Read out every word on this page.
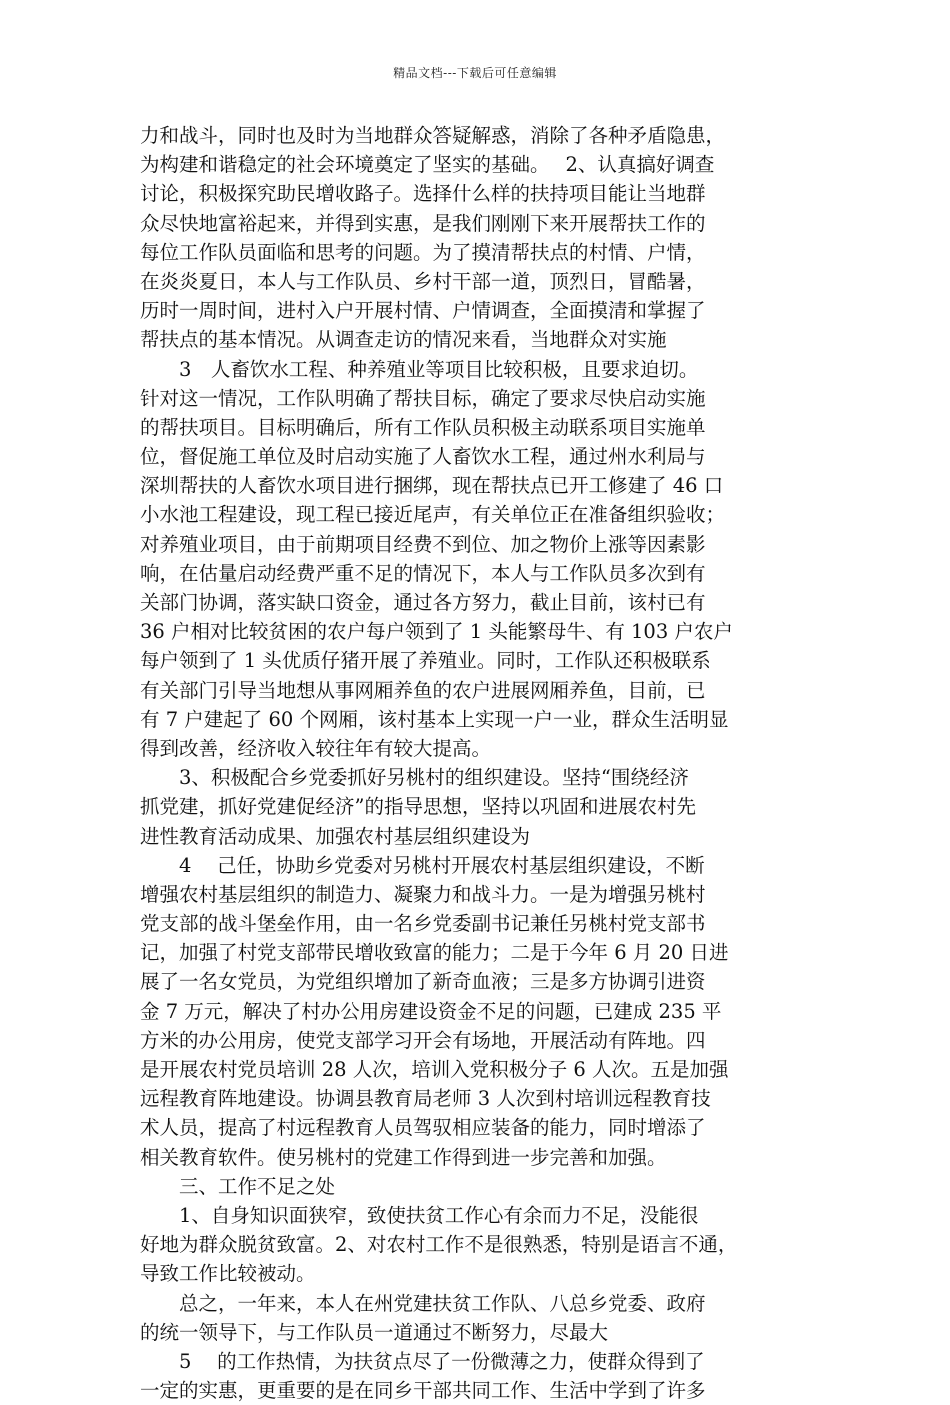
精品文档---下载后可任意编辑
力和战斗，同时也及时为当地群众答疑解惑，消除了各种矛盾隐患，
为构建和谐稳定的社会环境奠定了坚实的基础。　 2、认真搞好调查
讨论，积极探究助民增收路子。选择什么样的扶持项目能让当地群
众尽快地富裕起来，并得到实惠，是我们刚刚下来开展帮扶工作的
每位工作队员面临和思考的问题。为了摸清帮扶点的村情、户情，
在炎炎夏日，本人与工作队员、乡村干部一道，顶烈日，冒酷暑，
历时一周时间，进村入户开展村情、户情调查，全面摸清和掌握了
帮扶点的基本情况。从调查走访的情况来看，当地群众对实施
　　3　人畜饮水工程、种养殖业等项目比较积极，且要求迫切。
针对这一情况，工作队明确了帮扶目标，确定了要求尽快启动实施
的帮扶项目。目标明确后，所有工作队员积极主动联系项目实施单
位，督促施工单位及时启动实施了人畜饮水工程，通过州水利局与
深圳帮扶的人畜饮水项目进行捆绑，现在帮扶点已开工修建了 46 口
小水池工程建设，现工程已接近尾声，有关单位正在准备组织验收；
对养殖业项目，由于前期项目经费不到位、加之物价上涨等因素影
响，在估量启动经费严重不足的情况下，本人与工作队员多次到有
关部门协调，落实缺口资金，通过各方努力，截止目前，该村已有
36 户相对比较贫困的农户每户领到了 1 头能繁母牛、有 103 户农户
每户领到了 1 头优质仔猪开展了养殖业。同时，工作队还积极联系
有关部门引导当地想从事网厢养鱼的农户进展网厢养鱼，目前，已
有 7 户建起了 60 个网厢，该村基本上实现一户一业，群众生活明显
得到改善，经济收入较往年有较大提高。
　　3、积极配合乡党委抓好另桃村的组织建设。坚持“围绕经济
抓党建，抓好党建促经济”的指导思想，坚持以巩固和进展农村先
进性教育活动成果、加强农村基层组织建设为
　　4　 己任，协助乡党委对另桃村开展农村基层组织建设，不断
增强农村基层组织的制造力、凝聚力和战斗力。一是为增强另桃村
党支部的战斗堡垒作用，由一名乡党委副书记兼任另桃村党支部书
记，加强了村党支部带民增收致富的能力；二是于今年 6 月 20 日进
展了一名女党员，为党组织增加了新奇血液；三是多方协调引进资
金 7 万元，解决了村办公用房建设资金不足的问题，已建成 235 平
方米的办公用房，使党支部学习开会有场地，开展活动有阵地。四
是开展农村党员培训 28 人次，培训入党积极分子 6 人次。五是加强
远程教育阵地建设。协调县教育局老师 3 人次到村培训远程教育技
术人员，提高了村远程教育人员驾驭相应装备的能力，同时增添了
相关教育软件。使另桃村的党建工作得到进一步完善和加强。
　　三、工作不足之处
　　1、自身知识面狭窄，致使扶贫工作心有余而力不足，没能很
好地为群众脱贫致富。2、对农村工作不是很熟悉，特别是语言不通，
导致工作比较被动。
　　总之，一年来，本人在州党建扶贫工作队、八总乡党委、政府
的统一领导下，与工作队员一道通过不断努力，尽最大
　　5　 的工作热情，为扶贫点尽了一份微薄之力，使群众得到了
一定的实惠，更重要的是在同乡干部共同工作、生活中学到了许多
